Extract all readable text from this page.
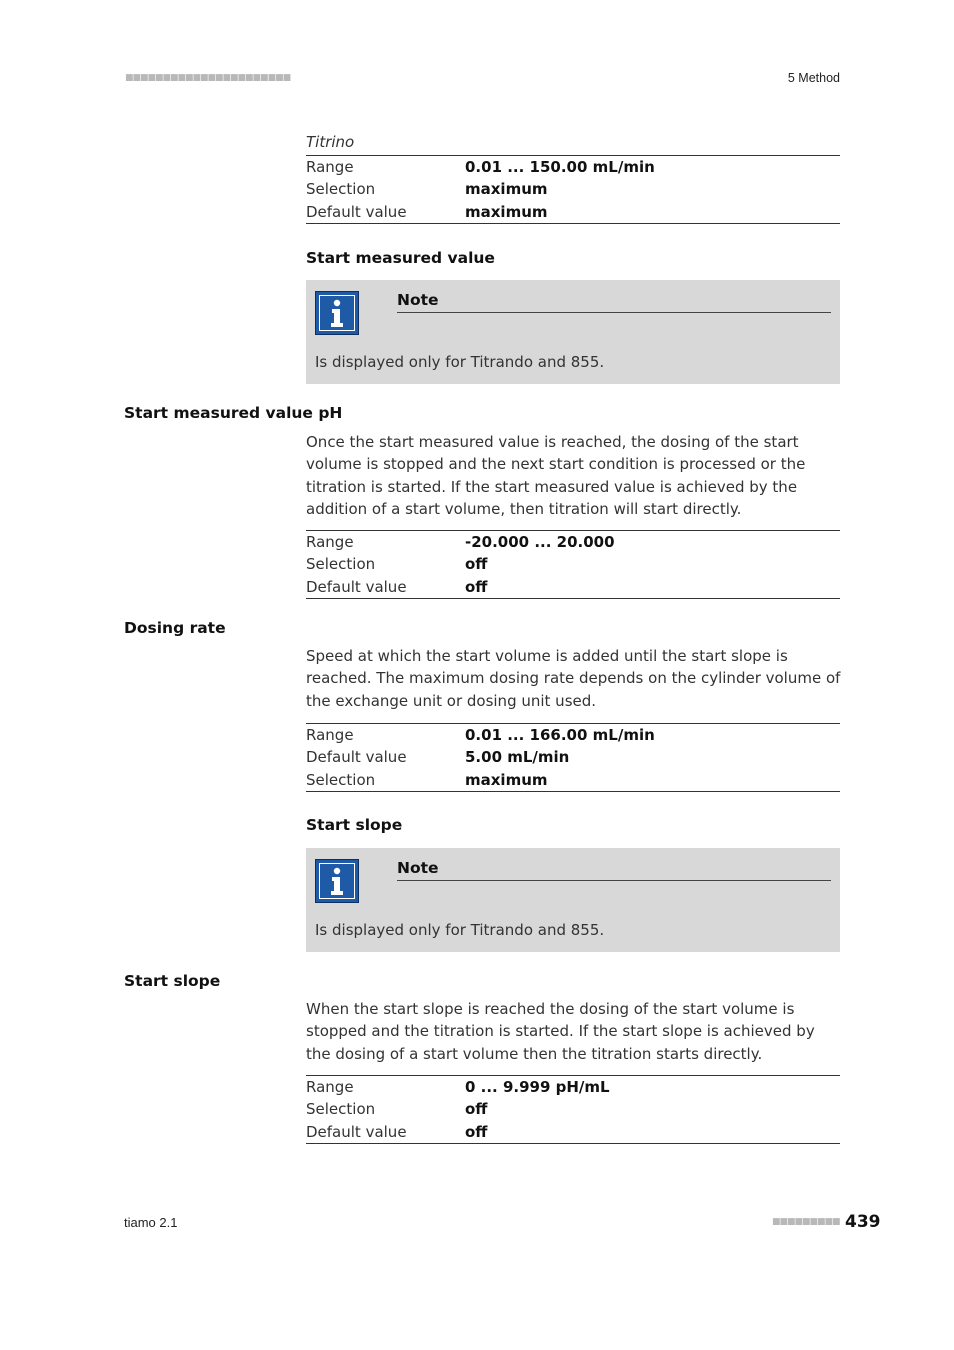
■■■■■■■■■■■■■■■■■■■■■■	5 Method
Titrino
Range	0.01 ... 150.00 mL/min
Selection	maximum
Default value	maximum
Start measured value
Note
Is displayed only for Titrando and 855.
Start measured value pH
Once the start measured value is reached, the dosing of the start volume is stopped and the next start condition is processed or the titration is started. If the start measured value is achieved by the addition of a start volume, then titration will start directly.
Range	-20.000 ... 20.000
Selection	off
Default value	off
Dosing rate
Speed at which the start volume is added until the start slope is reached. The maximum dosing rate depends on the cylinder volume of the exchange unit or dosing unit used.
Range	0.01 ... 166.00 mL/min
Default value	5.00 mL/min
Selection	maximum
Start slope
Note
Is displayed only for Titrando and 855.
Start slope
When the start slope is reached the dosing of the start volume is stopped and the titration is started. If the start slope is achieved by the dosing of a start volume then the titration starts directly.
Range	0 ... 9.999 pH/mL
Selection	off
Default value	off
tiamo 2.1	■■■■■■■■■ 439
